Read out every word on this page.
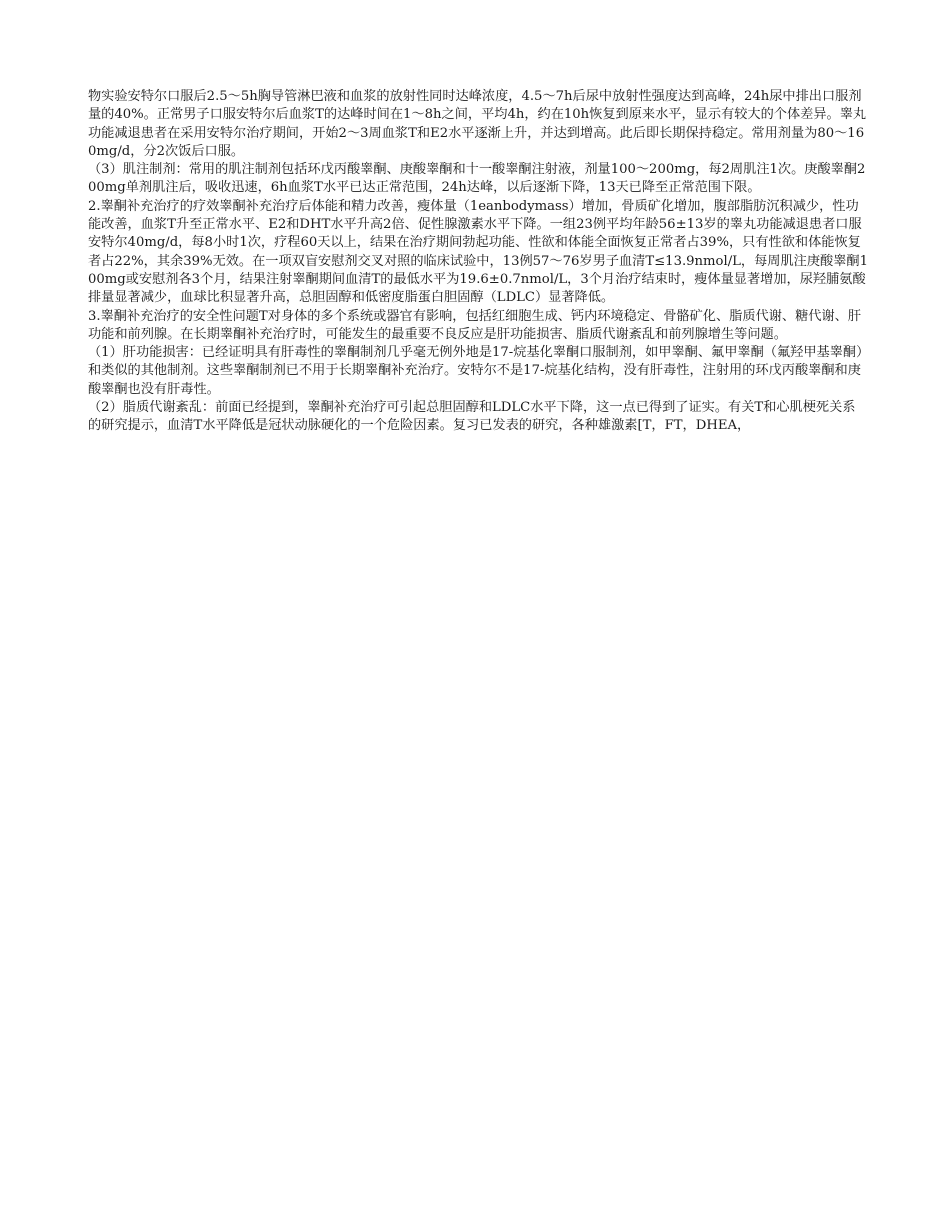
物实验安特尔口服后2.5～5h胸导管淋巴液和血浆的放射性同时达峰浓度，4.5～7h后尿中放射性强度达到高峰，24h尿中排出口服剂量的40%。正常男子口服安特尔后血浆T的达峰时间在1～8h之间，平均4h，约在10h恢复到原来水平，显示有较大的个体差异。睾丸功能减退患者在采用安特尔治疗期间，开始2～3周血浆T和E2水平逐渐上升，并达到增高。此后即长期保持稳定。常用剂量为80～160mg/d，分2次饭后口服。

（3）肌注制剂：常用的肌注制剂包括环戊丙酸睾酮、庚酸睾酮和十一酸睾酮注射液，剂量100～200mg，每2周肌注1次。庚酸睾酮200mg单剂肌注后，吸收迅速，6h血浆T水平已达正常范围，24h达峰，以后逐渐下降，13天已降至正常范围下限。

2.睾酮补充治疗的疗效睾酮补充治疗后体能和精力改善，瘦体量（1eanbodymass）增加，骨质矿化增加，腹部脂肪沉积减少，性功能改善，血浆T升至正常水平、E2和DHT水平升高2倍、促性腺激素水平下降。一组23例平均年龄56±13岁的睾丸功能减退患者口服安特尔40mg/d，每8小时1次，疗程60天以上，结果在治疗期间勃起功能、性欲和体能全面恢复正常者占39%，只有性欲和体能恢复者占22%，其余39%无效。在一项双盲安慰剂交叉对照的临床试验中，13例57～76岁男子血清T≤13.9nmol/L，每周肌注庚酸睾酮100mg或安慰剂各3个月，结果注射睾酮期间血清T的最低水平为19.6±0.7nmol/L，3个月治疗结束时，瘦体量显著增加，尿羟脯氨酸排量显著减少，血球比积显著升高，总胆固醇和低密度脂蛋白胆固醇（LDLC）显著降低。

3.睾酮补充治疗的安全性问题T对身体的多个系统或器官有影响，包括红细胞生成、钙内环境稳定、骨骼矿化、脂质代谢、糖代谢、肝功能和前列腺。在长期睾酮补充治疗时，可能发生的最重要不良反应是肝功能损害、脂质代谢紊乱和前列腺增生等问题。

（1）肝功能损害：已经证明具有肝毒性的睾酮制剂几乎毫无例外地是17-烷基化睾酮口服制剂，如甲睾酮、氟甲睾酮（氟羟甲基睾酮）和类似的其他制剂。这些睾酮制剂已不用于长期睾酮补充治疗。安特尔不是17-烷基化结构，没有肝毒性，注射用的环戊丙酸睾酮和庚酸睾酮也没有肝毒性。

（2）脂质代谢紊乱：前面已经提到，睾酮补充治疗可引起总胆固醇和LDLC水平下降，这一点已得到了证实。有关T和心肌梗死关系的研究提示，血清T水平降低是冠状动脉硬化的一个危险因素。复习已发表的研究，各种雄激素[T，FT，DHEA，
